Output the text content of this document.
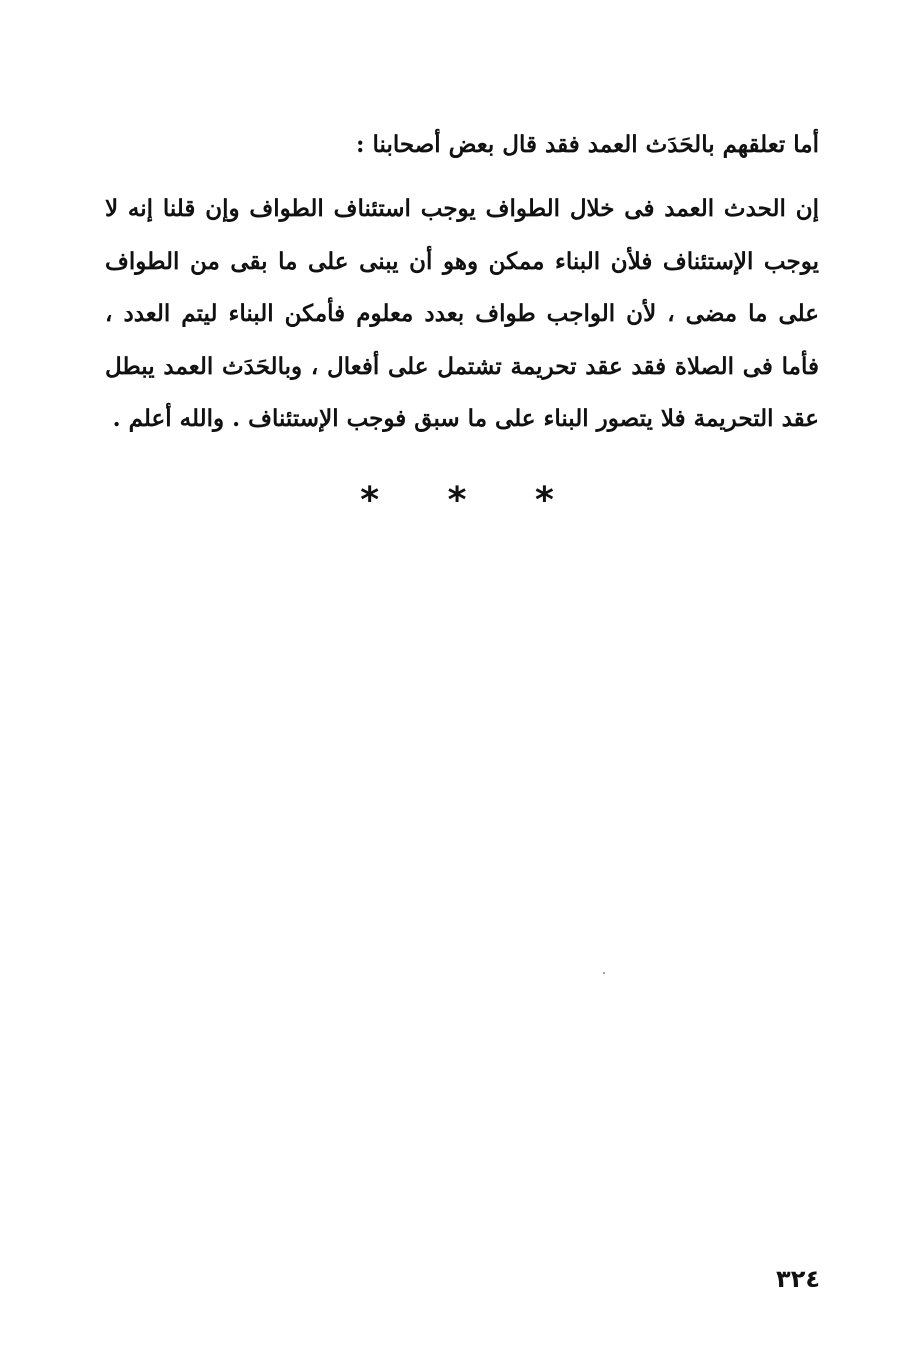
أما تعلقهم بالحَدَث العمد فقد قال بعض أصحابنا :
إن الحدث العمد فى خلال الطواف يوجب استئناف الطواف وإن قلنا إنه لا يوجب الإستئناف فلأن البناء ممكن وهو أن يبنى على ما بقى من الطواف على ما مضى ، لأن الواجب طواف بعدد معلوم فأمكن البناء ليتم العدد ، فأما فى الصلاة فقد عقد تحريمة تشتمل على أفعال ، وبالحَدَث العمد يبطل عقد التحريمة فلا يتصور البناء على ما سبق فوجب الإستئناف . والله أعلم .
* * *
٣٢٤
